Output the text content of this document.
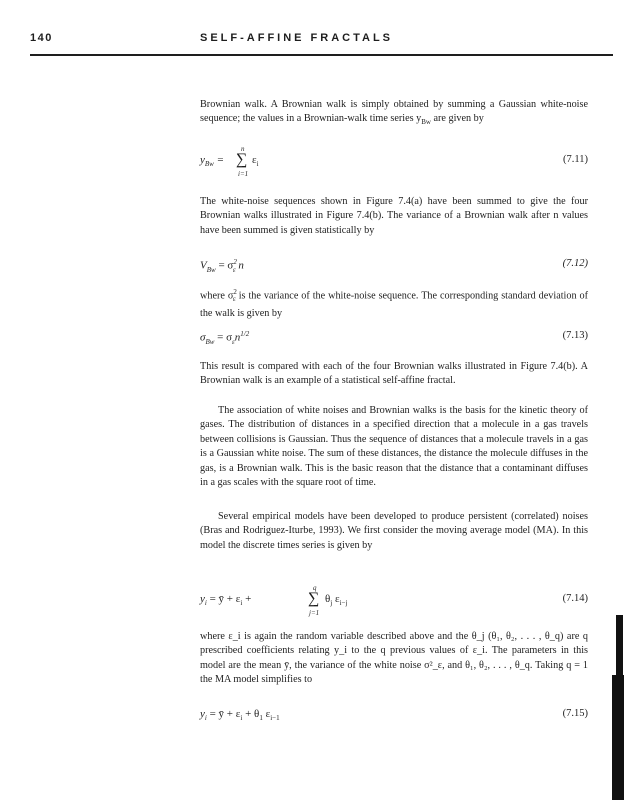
140	SELF-AFFINE FRACTALS
Brownian walk. A Brownian walk is simply obtained by summing a Gaussian white-noise sequence; the values in a Brownian-walk time series $y_{Bw}$ are given by
$y_{Bw}$ =
n
∑
i=1
$\varepsilon_i$	(7.11)
The white-noise sequences shown in Figure 7.4(a) have been summed to give the four Brownian walks illustrated in Figure 7.4(b). The variance of a Brownian walk after n values have been summed is given statistically by
$V_{Bw} = \sigma^2_\varepsilon$ n	(7.12)
where $\sigma^2_\varepsilon$ is the variance of the white-noise sequence. The corresponding standard deviation of the walk is given by
$\sigma_{Bw} = \sigma_\varepsilon n^{1/2}$	(7.13)
This result is compared with each of the four Brownian walks illustrated in Figure 7.4(b). A Brownian walk is an example of a statistical self-affine fractal.
The association of white noises and Brownian walks is the basis for the kinetic theory of gases. The distribution of distances in a specified direction that a molecule in a gas travels between collisions is Gaussian. Thus the sequence of distances that a molecule travels in a gas is a Gaussian white noise. The sum of these distances, the distance the molecule diffuses in the gas, is a Brownian walk. This is the basic reason that the distance that a contaminant diffuses in a gas scales with the square root of time.
Several empirical models have been developed to produce persistent (correlated) noises (Bras and Rodriguez-Iturbe, 1993). We first consider the moving average model (MA). In this model the discrete times series is given by
$y_i$ = ȳ + $\varepsilon_i$ +
q
∑
j=1
$\theta_j$ $\varepsilon_{i-j}$	(7.14)
where ε_i is again the random variable described above and the θ_j (θ₁, θ₂, . . . , θ_q) are q prescribed coefficients relating y_i to the q previous values of ε_i. The parameters in this model are the mean ȳ, the variance of the white noise σ²_ε, and θ₁, θ₂, . . . , θ_q. Taking q = 1 the MA model simplifies to
$y_i$ = ȳ + $\varepsilon_i + \theta_1$ $\varepsilon_{i-1}$	(7.15)
